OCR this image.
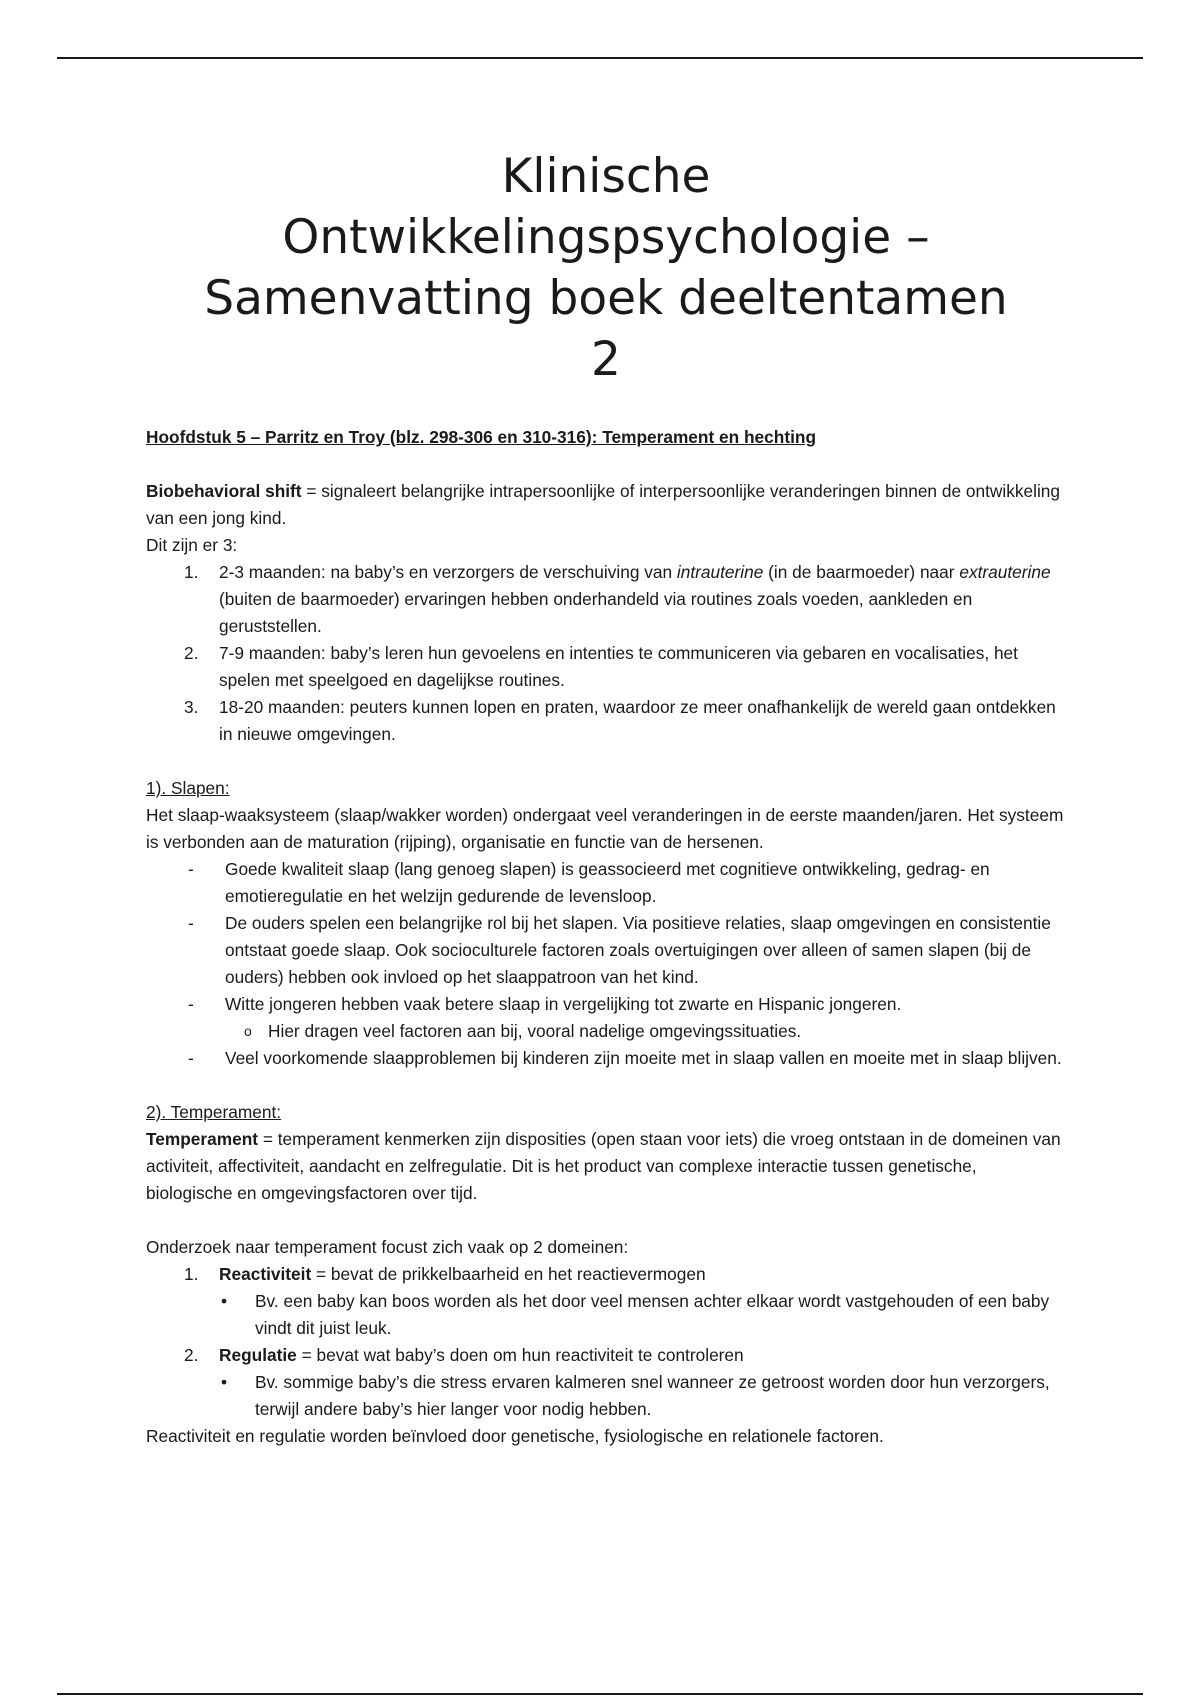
Klinische
Ontwikkelingspsychologie –
Samenvatting boek deeltentamen
2

Hoofdstuk 5 – Parritz en Troy (blz. 298-306 en 310-316): Temperament en hechting

Biobehavioral shift = signaleert belangrijke intrapersoonlijke of interpersoonlijke veranderingen binnen de ontwikkeling van een jong kind.

Dit zijn er 3:

1. 2-3 maanden: na baby’s en verzorgers de verschuiving van intrauterine (in de baarmoeder) naar extrauterine (buiten de baarmoeder) ervaringen hebben onderhandeld via routines zoals voeden, aankleden en geruststellen.
2. 7-9 maanden: baby’s leren hun gevoelens en intenties te communiceren via gebaren en vocalisaties, het spelen met speelgoed en dagelijkse routines.
3. 18-20 maanden: peuters kunnen lopen en praten, waardoor ze meer onafhankelijk de wereld gaan ontdekken in nieuwe omgevingen.

1). Slapen:

Het slaap-waaksysteem (slaap/wakker worden) ondergaat veel veranderingen in de eerste maanden/jaren. Het systeem is verbonden aan de maturation (rijping), organisatie en functie van de hersenen.

- Goede kwaliteit slaap (lang genoeg slapen) is geassocieerd met cognitieve ontwikkeling, gedrag- en emotieregulatie en het welzijn gedurende de levensloop.
- De ouders spelen een belangrijke rol bij het slapen. Via positieve relaties, slaap omgevingen en consistentie ontstaat goede slaap. Ook socioculturele factoren zoals overtuigingen over alleen of samen slapen (bij de ouders) hebben ook invloed op het slaappatroon van het kind.
- Witte jongeren hebben vaak betere slaap in vergelijking tot zwarte en Hispanic jongeren.
o Hier dragen veel factoren aan bij, vooral nadelige omgevingssituaties.
- Veel voorkomende slaapproblemen bij kinderen zijn moeite met in slaap vallen en moeite met in slaap blijven.

2). Temperament:

Temperament = temperament kenmerken zijn disposities (open staan voor iets) die vroeg ontstaan in de domeinen van activiteit, affectiviteit, aandacht en zelfregulatie. Dit is het product van complexe interactie tussen genetische, biologische en omgevingsfactoren over tijd.

Onderzoek naar temperament focust zich vaak op 2 domeinen:

1. Reactiviteit = bevat de prikkelbaarheid en het reactievermogen
• Bv. een baby kan boos worden als het door veel mensen achter elkaar wordt vastgehouden of een baby vindt dit juist leuk.
2. Regulatie = bevat wat baby’s doen om hun reactiviteit te controleren
• Bv. sommige baby’s die stress ervaren kalmeren snel wanneer ze getroost worden door hun verzorgers, terwijl andere baby’s hier langer voor nodig hebben.

Reactiviteit en regulatie worden beïnvloed door genetische, fysiologische en relationele factoren.
